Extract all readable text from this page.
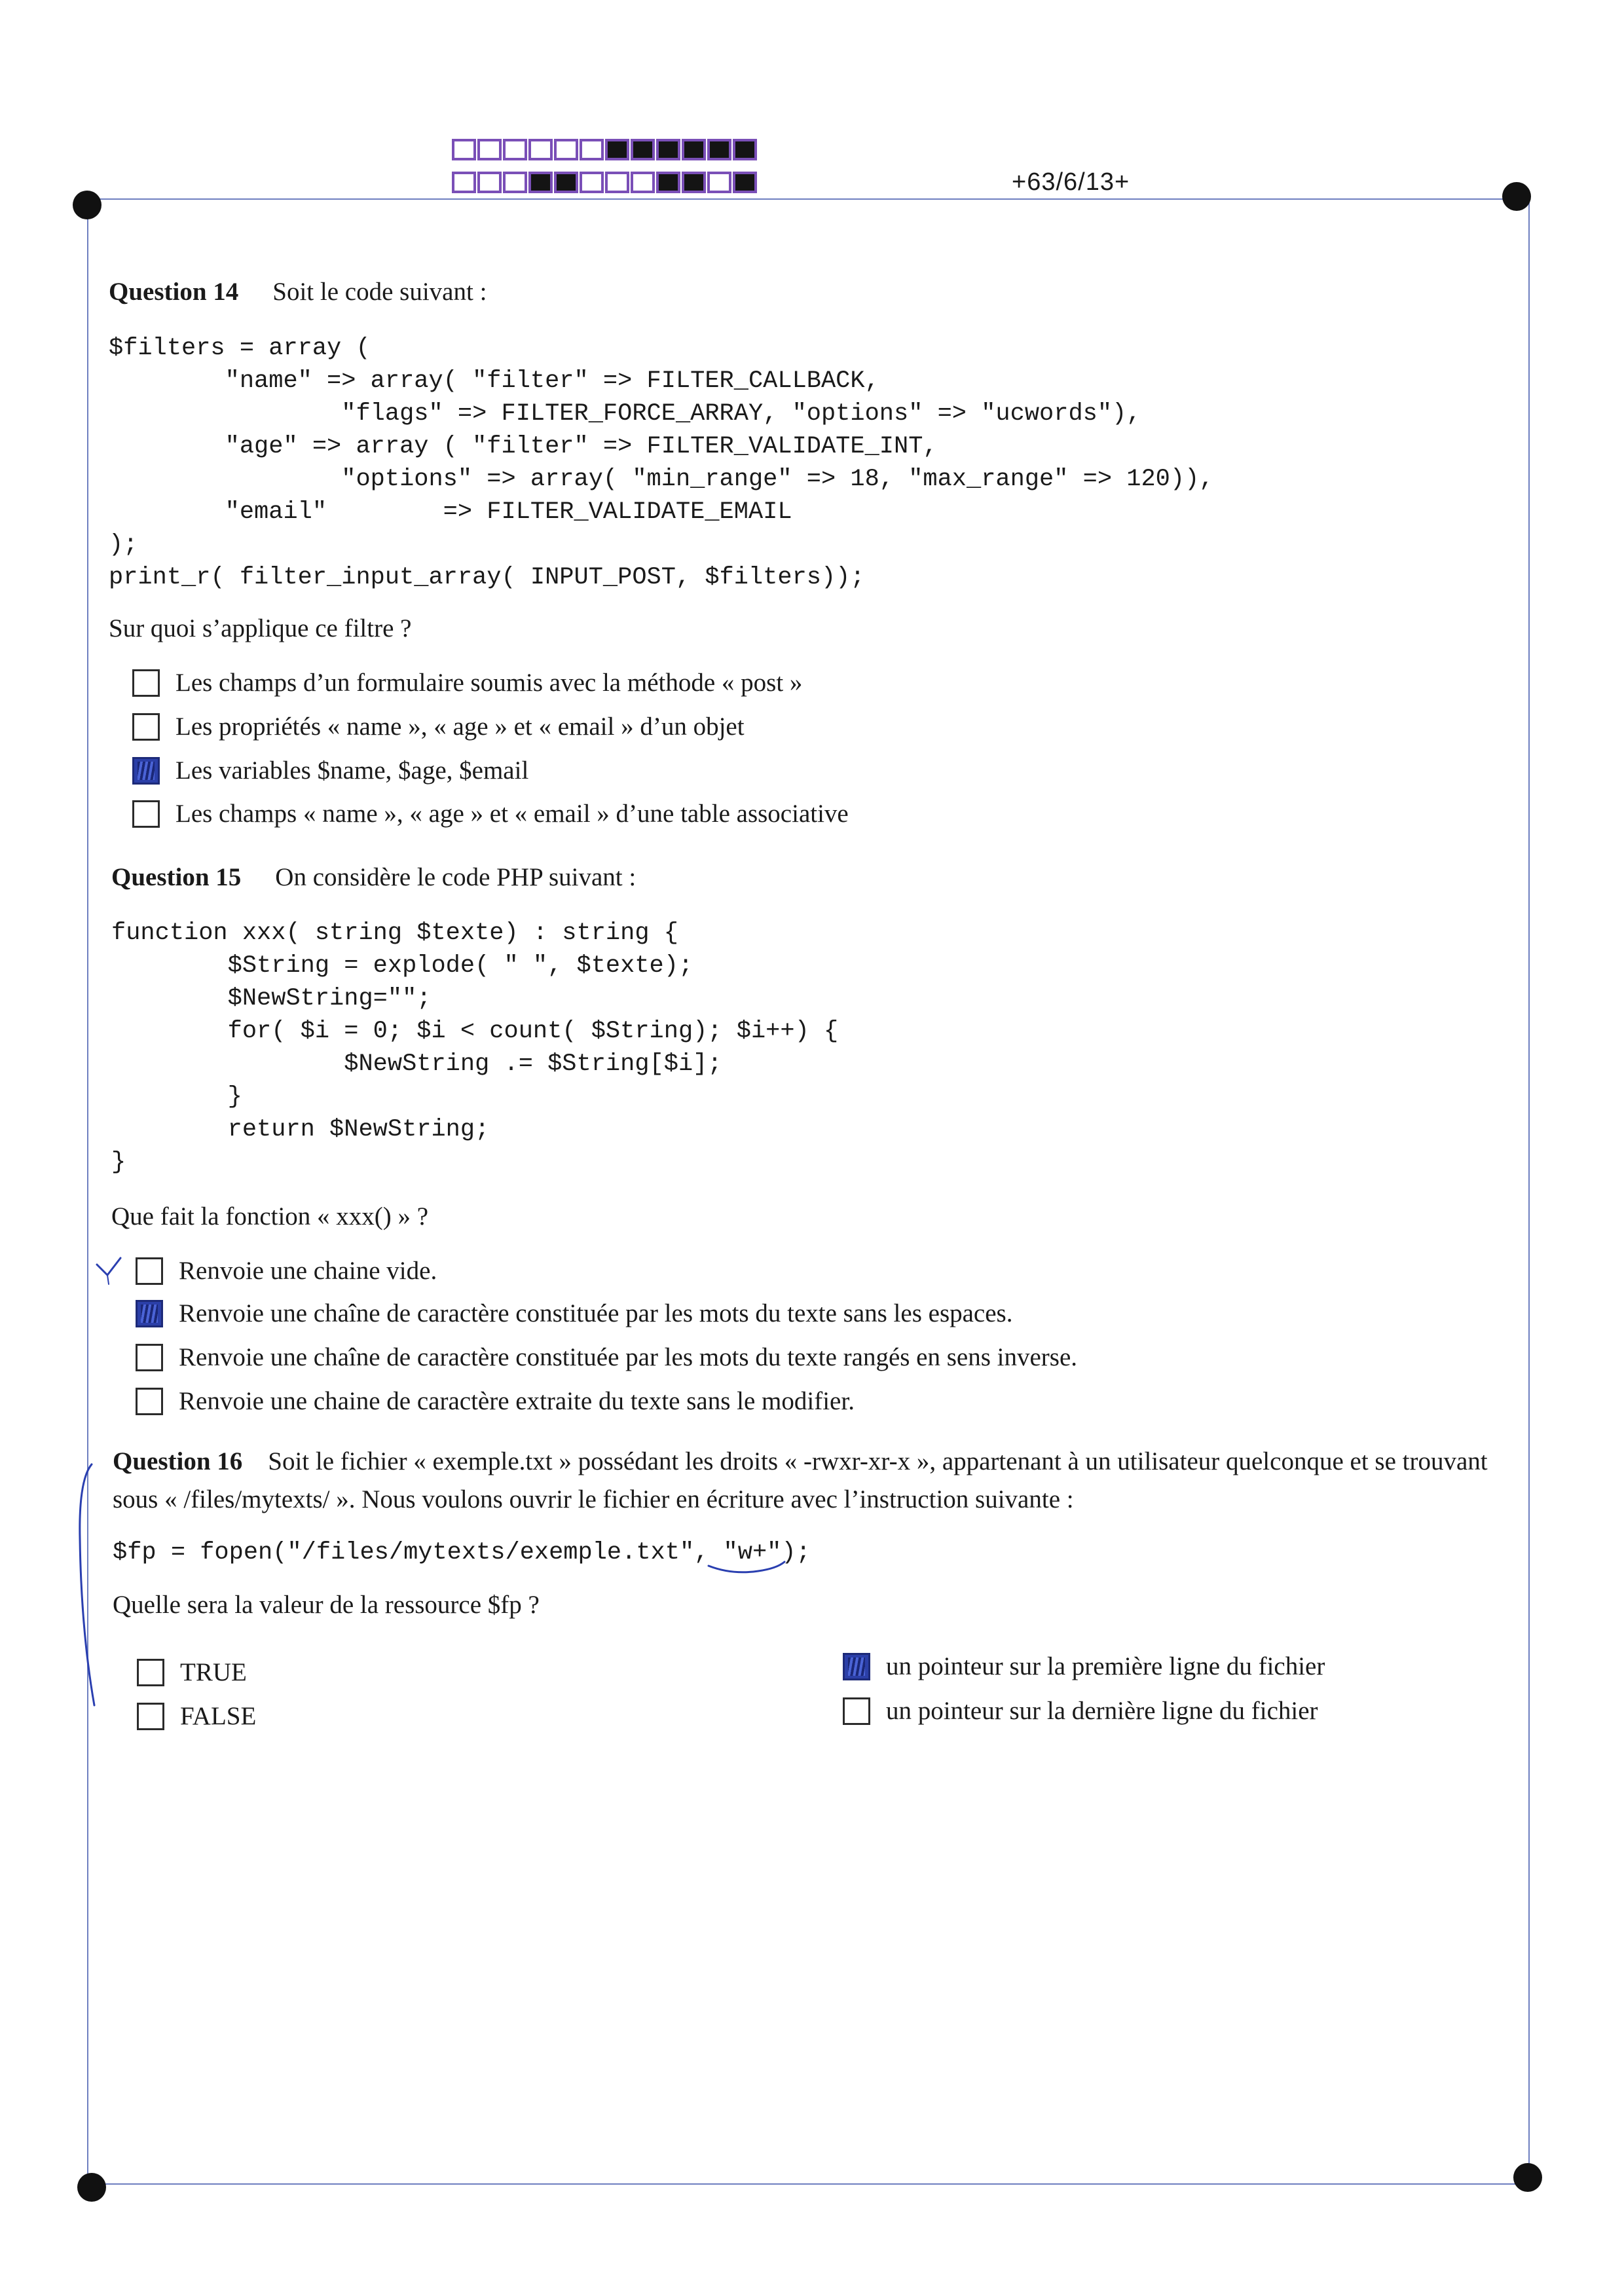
+63/6/13+
Question 14 Soit le code suivant :
$filters = array (
"name" => array( "filter" => FILTER_CALLBACK,
"flags" => FILTER_FORCE_ARRAY, "options" => "ucwords"),
"age" => array ( "filter" => FILTER_VALIDATE_INT,
"options" => array( "min_range" => 18, "max_range" => 120)),
"email"        => FILTER_VALIDATE_EMAIL
);
print_r( filter_input_array( INPUT_POST, $filters));
Sur quoi s’applique ce filtre ?
Les champs d’un formulaire soumis avec la méthode « post »
Les propriétés « name », « age » et « email » d’un objet
Les variables $name, $age, $email
Les champs « name », « age » et « email » d’une table associative
Question 15 On considère le code PHP suivant :
function xxx( string $texte) : string {
$String = explode( " ", $texte);
$NewString="";
for( $i = 0; $i < count( $String); $i++) {
$NewString .= $String[$i];
}
return $NewString;
}
Que fait la fonction « xxx() » ?
Renvoie une chaine vide.
Renvoie une chaîne de caractère constituée par les mots du texte sans les espaces.
Renvoie une chaîne de caractère constituée par les mots du texte rangés en sens inverse.
Renvoie une chaine de caractère extraite du texte sans le modifier.
Question 16 Soit le fichier « exemple.txt » possédant les droits « -rwxr-xr-x », appartenant à un utilisateur quelconque et se trouvant sous « /files/mytexts/ ». Nous voulons ouvrir le fichier en écriture avec l’instruction suivante :
$fp = fopen("/files/mytexts/exemple.txt", "w+");
Quelle sera la valeur de la ressource $fp ?
TRUE
FALSE
un pointeur sur la première ligne du fichier
un pointeur sur la dernière ligne du fichier
